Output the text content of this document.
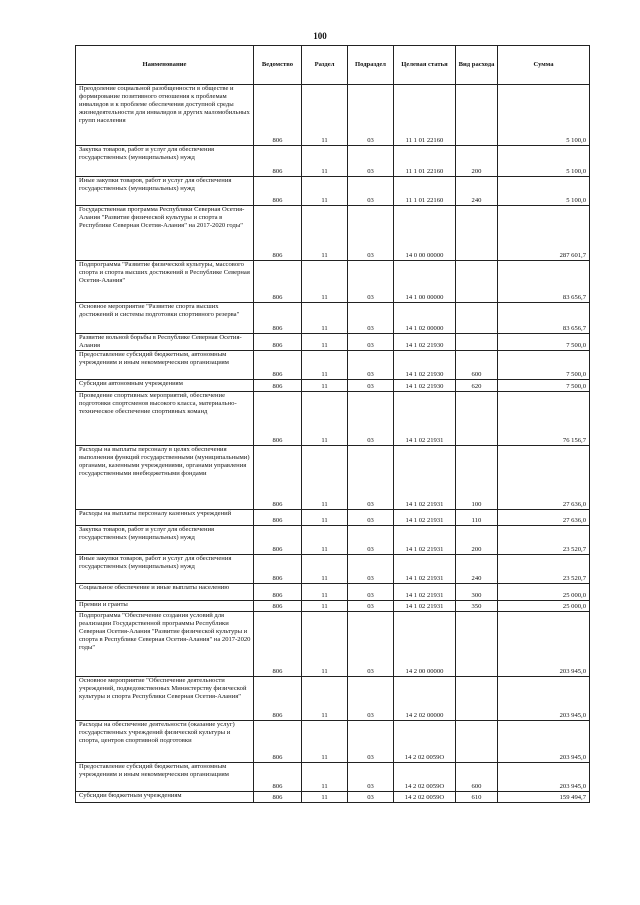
100
Наименование	Ведомство	Раздел	Подраздел	Целевая статья	Вид расхода	Сумма
Преодоление социальной разобщенности в обществе и формирование позитивного отношения к проблемам инвалидов и к проблеме обеспечения доступной среды жизнедеятельности для инвалидов и других маломобильных групп населения	806	11	03	11 1 01 22160		5 100,0
Закупка товаров, работ и услуг для обеспечения государственных (муниципальных) нужд	806	11	03	11 1 01 22160	200	5 100,0
Иные закупки товаров, работ и услуг для обеспечения государственных (муниципальных) нужд	806	11	03	11 1 01 22160	240	5 100,0
Государственная программа Республики Северная Осетия-Алания "Развитие физической культуры и спорта в Республике Северная Осетия-Алания" на 2017-2020 годы"	806	11	03	14 0 00 00000		287 601,7
Подпрограмма "Развитие физической культуры, массового спорта и спорта высших достижений в Республике Северная Осетия-Алания"	806	11	03	14 1 00 00000		83 656,7
Основное мероприятие "Развитие спорта высших достижений и системы подготовки спортивного резерва"	806	11	03	14 1 02 00000		83 656,7
Развитие вольной борьбы в Республике Северная Осетия-Алания	806	11	03	14 1 02 21930		7 500,0
Предоставление субсидий бюджетным, автономным учреждениям и иным некоммерческим организациям	806	11	03	14 1 02 21930	600	7 500,0
Субсидии автономным учреждениям	806	11	03	14 1 02 21930	620	7 500,0
Проведение спортивных мероприятий, обеспечение подготовки спортсменов высокого класса, материально-техническое обеспечение спортивных команд	806	11	03	14 1 02 21931		76 156,7
Расходы на выплаты персоналу в целях обеспечения выполнения функций государственными (муниципальными) органами, казенными учреждениями, органами управления государственными внебюджетными фондами	806	11	03	14 1 02 21931	100	27 636,0
Расходы на выплаты персоналу казенных учреждений	806	11	03	14 1 02 21931	110	27 636,0
Закупка товаров, работ и услуг для обеспечения государственных (муниципальных) нужд	806	11	03	14 1 02 21931	200	23 520,7
Иные закупки товаров, работ и услуг для обеспечения государственных (муниципальных) нужд	806	11	03	14 1 02 21931	240	23 520,7
Социальное обеспечение и иные выплаты населению	806	11	03	14 1 02 21931	300	25 000,0
Премии и гранты	806	11	03	14 1 02 21931	350	25 000,0
Подпрограмма "Обеспечение создания условий для реализации Государственной программы Республики Северная Осетия-Алания "Развитие физической культуры и спорта в Республике Северная Осетия-Алания" на 2017-2020 годы"	806	11	03	14 2 00 00000		203 945,0
Основное мероприятие "Обеспечение деятельности учреждений, подведомственных Министерству физической культуры и спорта Республики Северная Осетия-Алания"	806	11	03	14 2 02 00000		203 945,0
Расходы на обеспечение деятельности (оказание услуг) государственных учреждений физической культуры и спорта, центров спортивной подготовки	806	11	03	14 2 02 0059О		203 945,0
Предоставление субсидий бюджетным, автономным учреждениям и иным некоммерческим организациям	806	11	03	14 2 02 0059О	600	203 945,0
Субсидии бюджетным учреждениям	806	11	03	14 2 02 0059О	610	159 494,7
